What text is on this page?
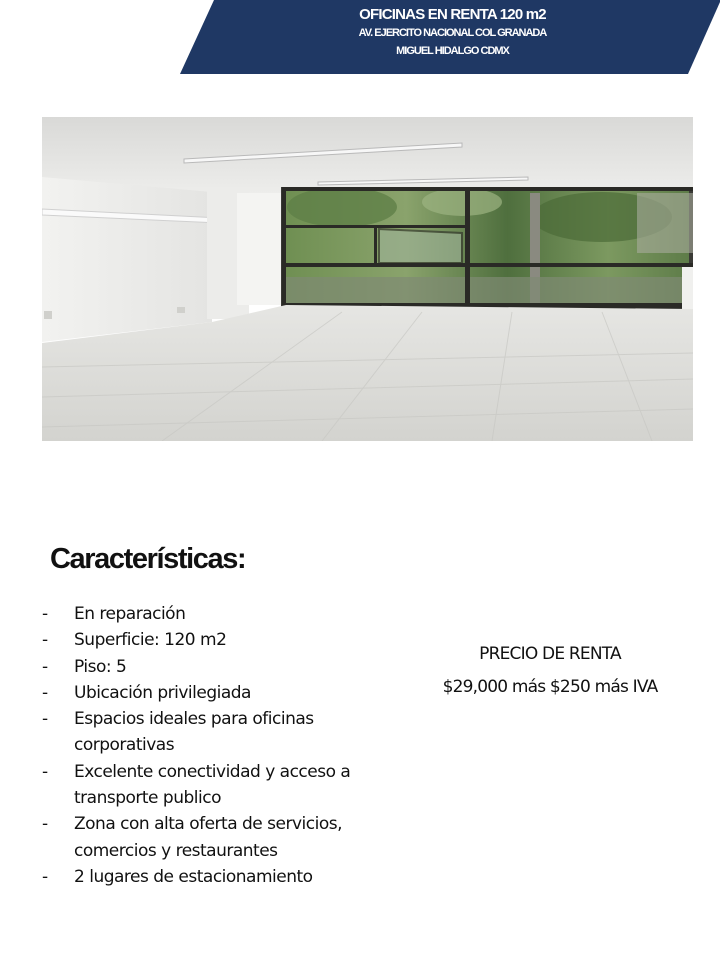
OFICINAS EN RENTA 120 m2
AV. EJERCITO NACIONAL COL GRANADA
MIGUEL HIDALGO CDMX
Características:
- En reparación
- Superficie: 120 m2
- Piso: 5
- Ubicación privilegiada
- Espacios ideales para oficinas corporativas
- Excelente conectividad y acceso a transporte publico
- Zona con alta oferta de servicios, comercios y restaurantes
- 2 lugares de estacionamiento
PRECIO DE RENTA
$29,000 más $250 más IVA
